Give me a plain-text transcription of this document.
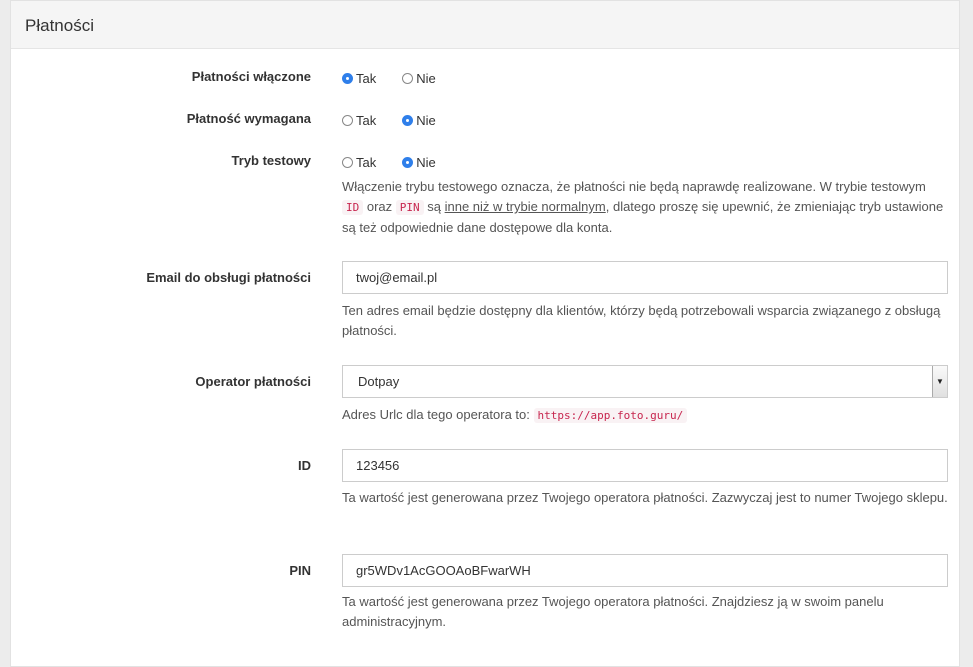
Płatności
Płatności włączone	Tak	Nie
Płatność wymagana	Tak	Nie
Tryb testowy	Tak	Nie
Włączenie trybu testowego oznacza, że płatności nie będą naprawdę realizowane. W trybie testowym ID oraz PIN są inne niż w trybie normalnym, dlatego proszę się upewnić, że zmieniając tryb ustawione są też odpowiednie dane dostępowe dla konta.
Email do obsługi płatności	twoj@email.pl
Ten adres email będzie dostępny dla klientów, którzy będą potrzebowali wsparcia związanego z obsługą płatności.
Operator płatności	Dotpay	▼
Adres Urlc dla tego operatora to: https://app.foto.guru/
ID	123456
Ta wartość jest generowana przez Twojego operatora płatności. Zazwyczaj jest to numer Twojego sklepu.
PIN	gr5WDv1AcGOOAoBFwarWH
Ta wartość jest generowana przez Twojego operatora płatności. Znajdziesz ją w swoim panelu administracyjnym.
